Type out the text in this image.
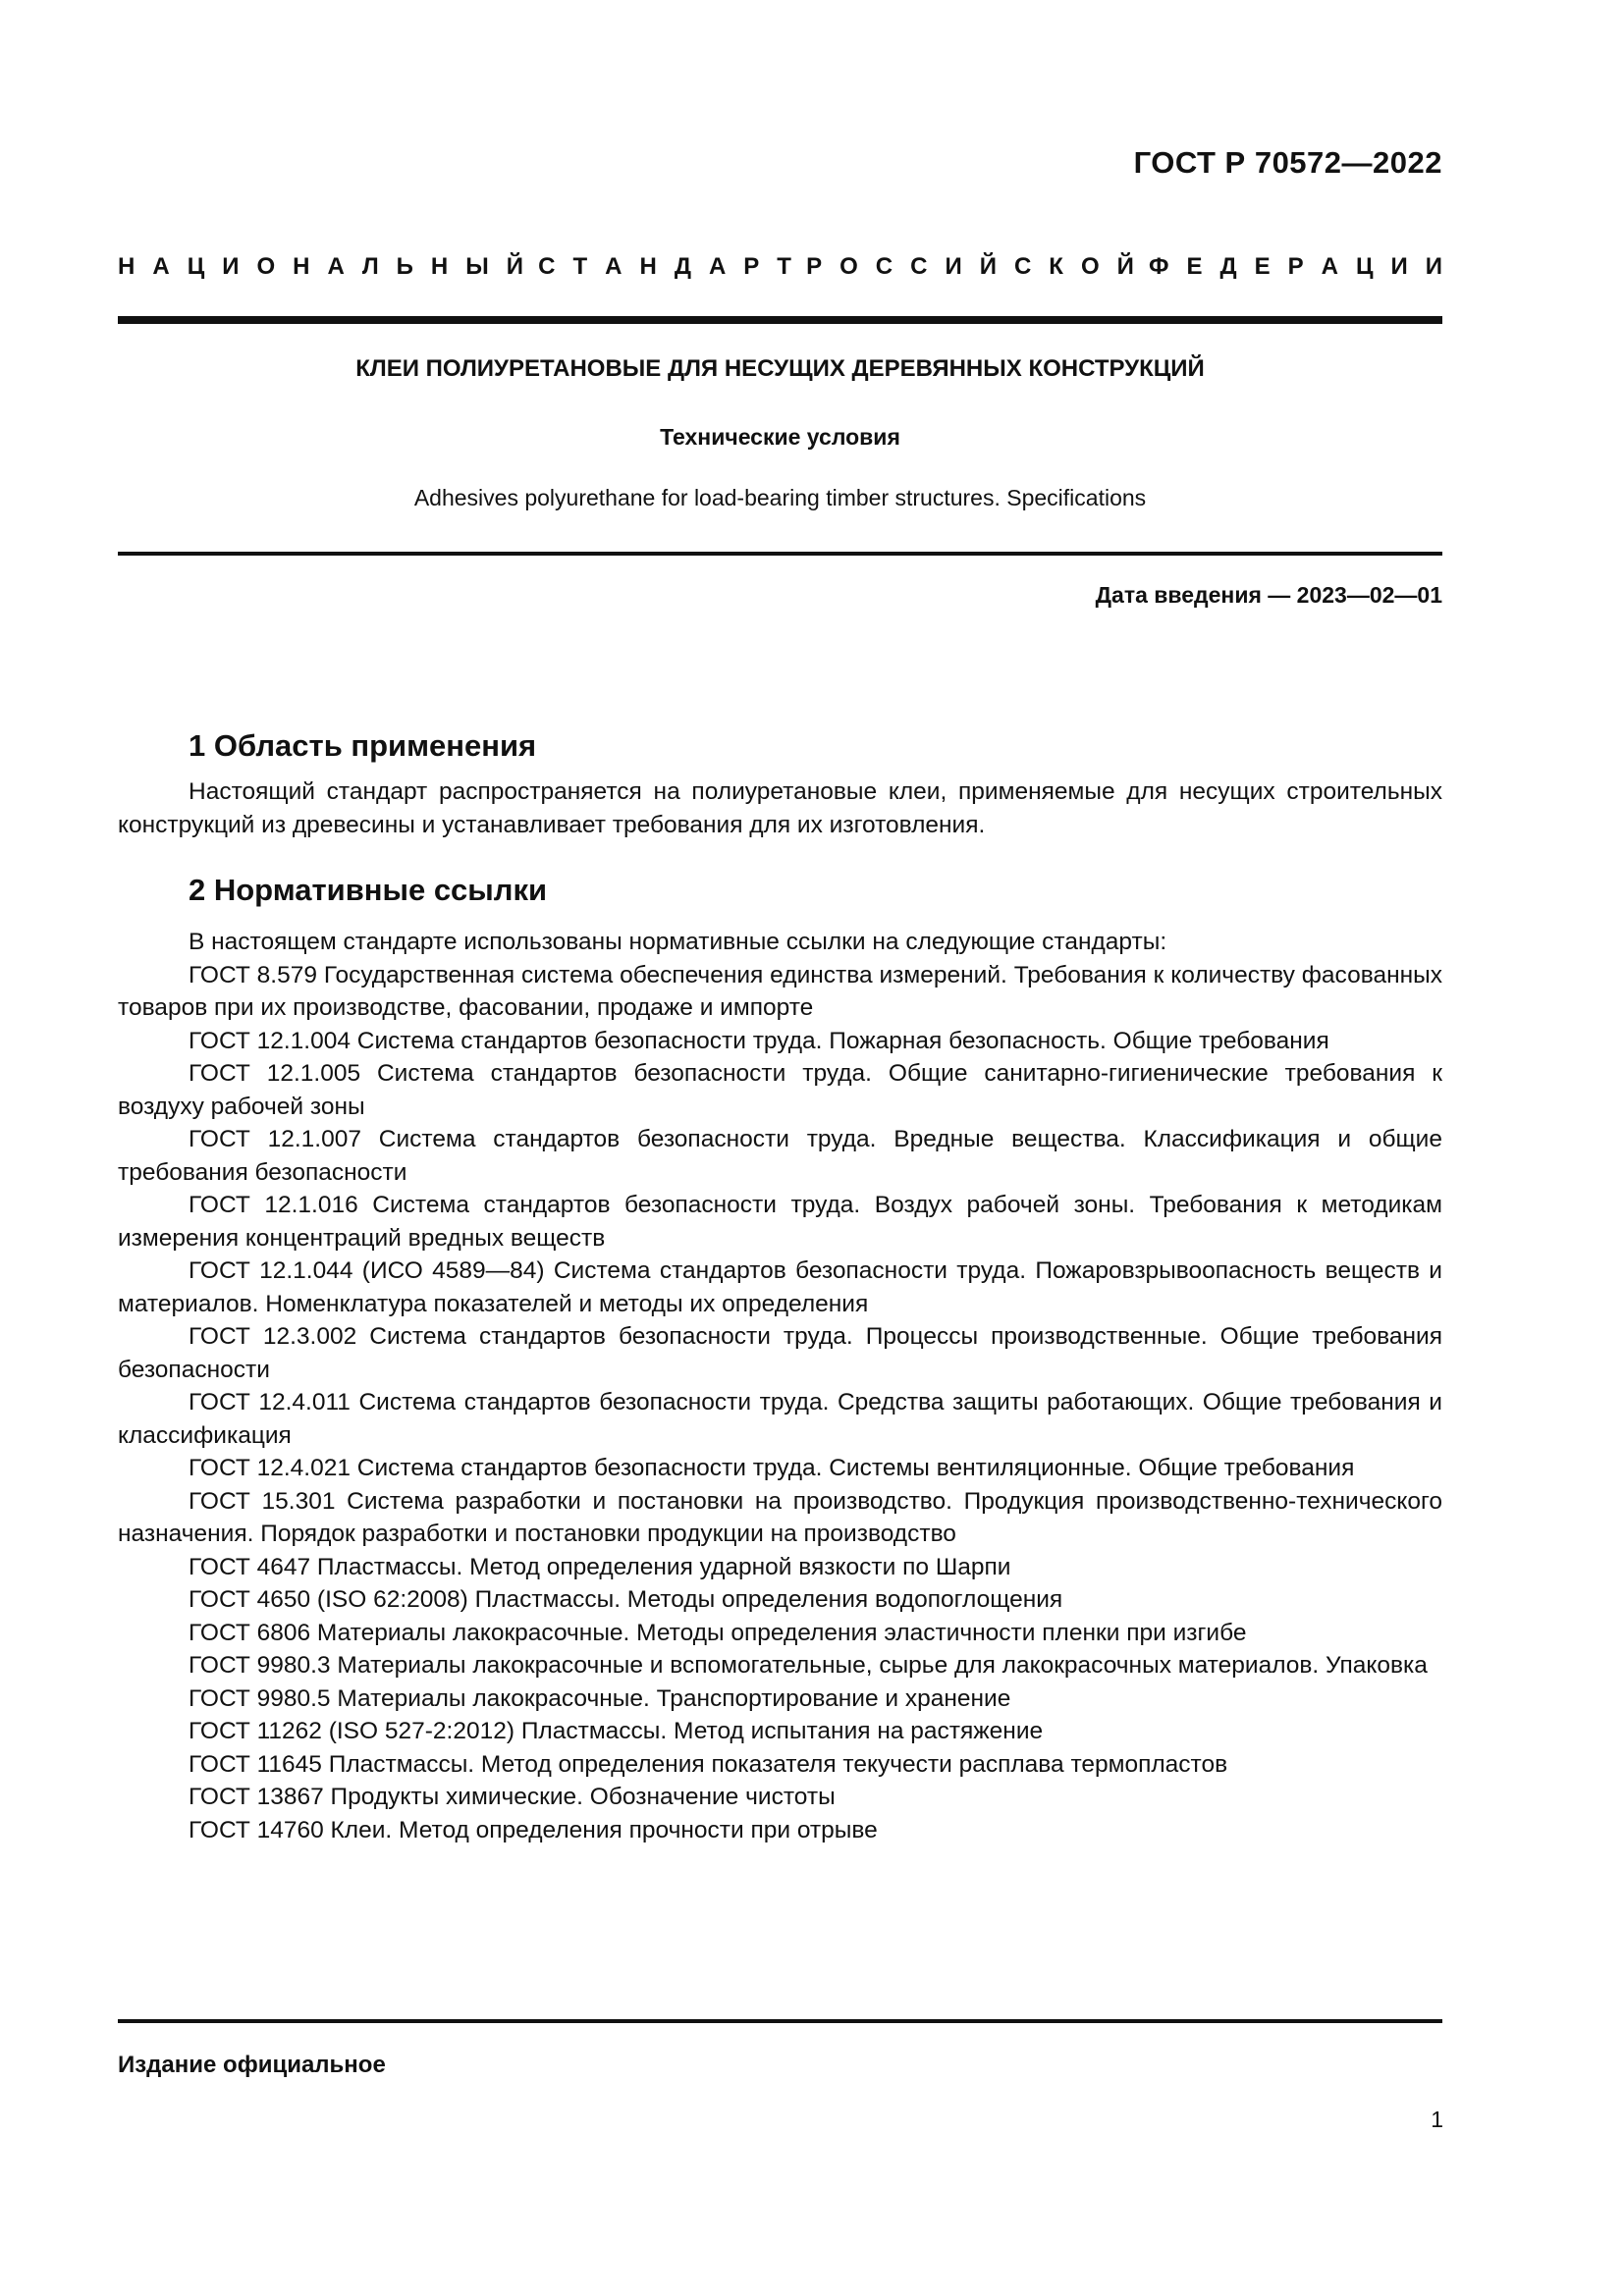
ГОСТ Р 70572—2022
Н А Ц И О Н А Л Ь Н Ы Й С Т А Н Д А Р Т Р О С С И Й С К О Й Ф Е Д Е Р А Ц И И
КЛЕИ ПОЛИУРЕТАНОВЫЕ ДЛЯ НЕСУЩИХ ДЕРЕВЯННЫХ КОНСТРУКЦИЙ
Технические условия
Adhesives polyurethane for load-bearing timber structures. Specifications
Дата введения — 2023—02—01
1 Область применения

Настоящий стандарт распространяется на полиуретановые клеи, применяемые для несущих строительных конструкций из древесины и устанавливает требования для их изготовления.

2 Нормативные ссылки

В настоящем стандарте использованы нормативные ссылки на следующие стандарты:

ГОСТ 8.579 Государственная система обеспечения единства измерений. Требования к количеству фасованных товаров при их производстве, фасовании, продаже и импорте

ГОСТ 12.1.004 Система стандартов безопасности труда. Пожарная безопасность. Общие требования

ГОСТ 12.1.005 Система стандартов безопасности труда. Общие санитарно-гигиенические требования к воздуху рабочей зоны

ГОСТ 12.1.007 Система стандартов безопасности труда. Вредные вещества. Классификация и общие требования безопасности

ГОСТ 12.1.016 Система стандартов безопасности труда. Воздух рабочей зоны. Требования к методикам измерения концентраций вредных веществ

ГОСТ 12.1.044 (ИСО 4589—84) Система стандартов безопасности труда. Пожаровзрывоопасность веществ и материалов. Номенклатура показателей и методы их определения

ГОСТ 12.3.002 Система стандартов безопасности труда. Процессы производственные. Общие требования безопасности

ГОСТ 12.4.011 Система стандартов безопасности труда. Средства защиты работающих. Общие требования и классификация

ГОСТ 12.4.021 Система стандартов безопасности труда. Системы вентиляционные. Общие требования

ГОСТ 15.301 Система разработки и постановки на производство. Продукция производственно-технического назначения. Порядок разработки и постановки продукции на производство

ГОСТ 4647 Пластмассы. Метод определения ударной вязкости по Шарпи

ГОСТ 4650 (ISO 62:2008) Пластмассы. Методы определения водопоглощения

ГОСТ 6806 Материалы лакокрасочные. Методы определения эластичности пленки при изгибе

ГОСТ 9980.3 Материалы лакокрасочные и вспомогательные, сырье для лакокрасочных материалов. Упаковка

ГОСТ 9980.5 Материалы лакокрасочные. Транспортирование и хранение

ГОСТ 11262 (ISO 527-2:2012) Пластмассы. Метод испытания на растяжение

ГОСТ 11645 Пластмассы. Метод определения показателя текучести расплава термопластов

ГОСТ 13867 Продукты химические. Обозначение чистоты

ГОСТ 14760 Клеи. Метод определения прочности при отрыве

Издание официальное
1
